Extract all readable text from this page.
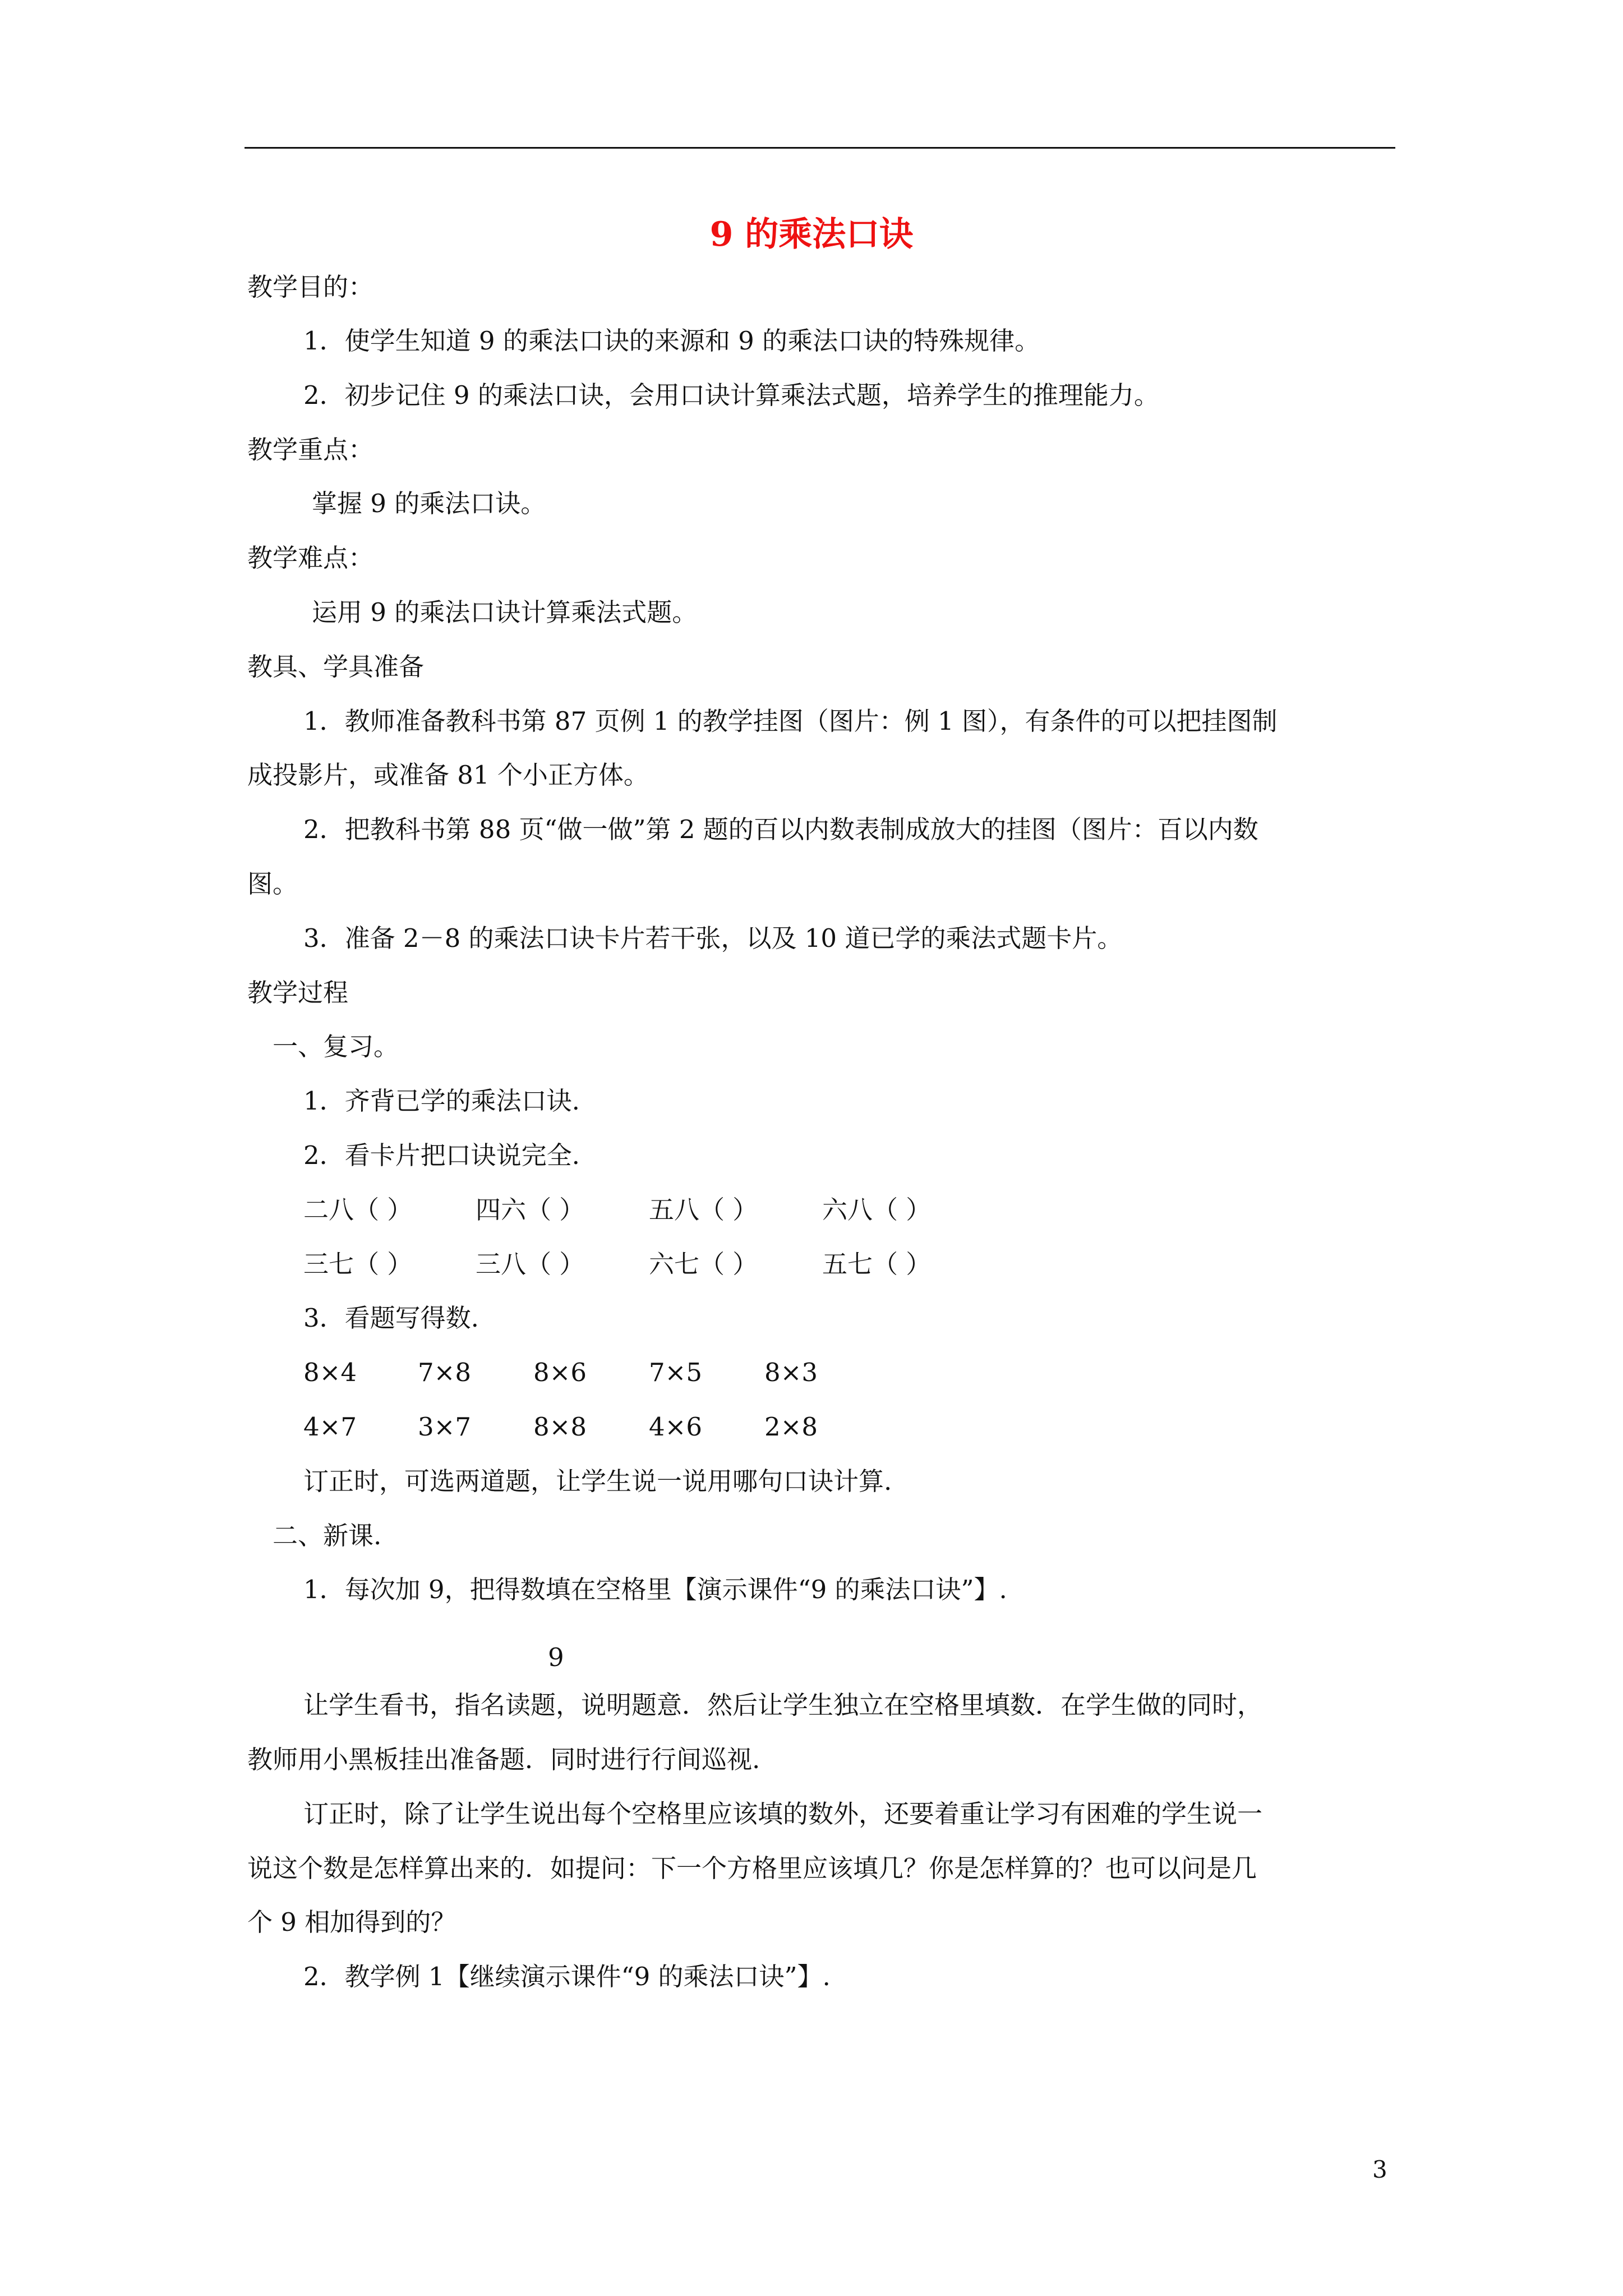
9 的乘法口诀
教学目的：
1．使学生知道 9 的乘法口诀的来源和 9 的乘法口诀的特殊规律。
2．初步记住 9 的乘法口诀，会用口诀计算乘法式题，培养学生的推理能力。
教学重点：
掌握 9 的乘法口诀。
教学难点：
运用 9 的乘法口诀计算乘法式题。
教具、学具准备
1．教师准备教科书第 87 页例 1 的教学挂图（图片：例 1 图），有条件的可以把挂图制
成投影片，或准备 81 个小正方体。
2．把教科书第 88 页“做一做”第 2 题的百以内数表制成放大的挂图（图片：百以内数
图。
3．准备 2－8 的乘法口诀卡片若干张，以及 10 道已学的乘法式题卡片。
教学过程
一、复习。
1．齐背已学的乘法口诀.
2．看卡片把口诀说完全.
二八（ ）	四六（ ）	五八（ ）	六八（ ）
三七（ ）	三八（ ）	六七（ ）	五七（ ）
3．看题写得数.
8×4 7×8 8×6 7×5 8×3
4×7 3×7 8×8 4×6 2×8
订正时，可选两道题，让学生说一说用哪句口诀计算.
二、新课.
1．每次加 9，把得数填在空格里【演示课件“9 的乘法口诀”】.
9
让学生看书，指名读题，说明题意．然后让学生独立在空格里填数．在学生做的同时，
教师用小黑板挂出准备题．同时进行行间巡视.
订正时，除了让学生说出每个空格里应该填的数外，还要着重让学习有困难的学生说一
说这个数是怎样算出来的．如提问：下一个方格里应该填几？你是怎样算的？也可以问是几
个 9 相加得到的？
2．教学例 1【继续演示课件“9 的乘法口诀”】.
3
